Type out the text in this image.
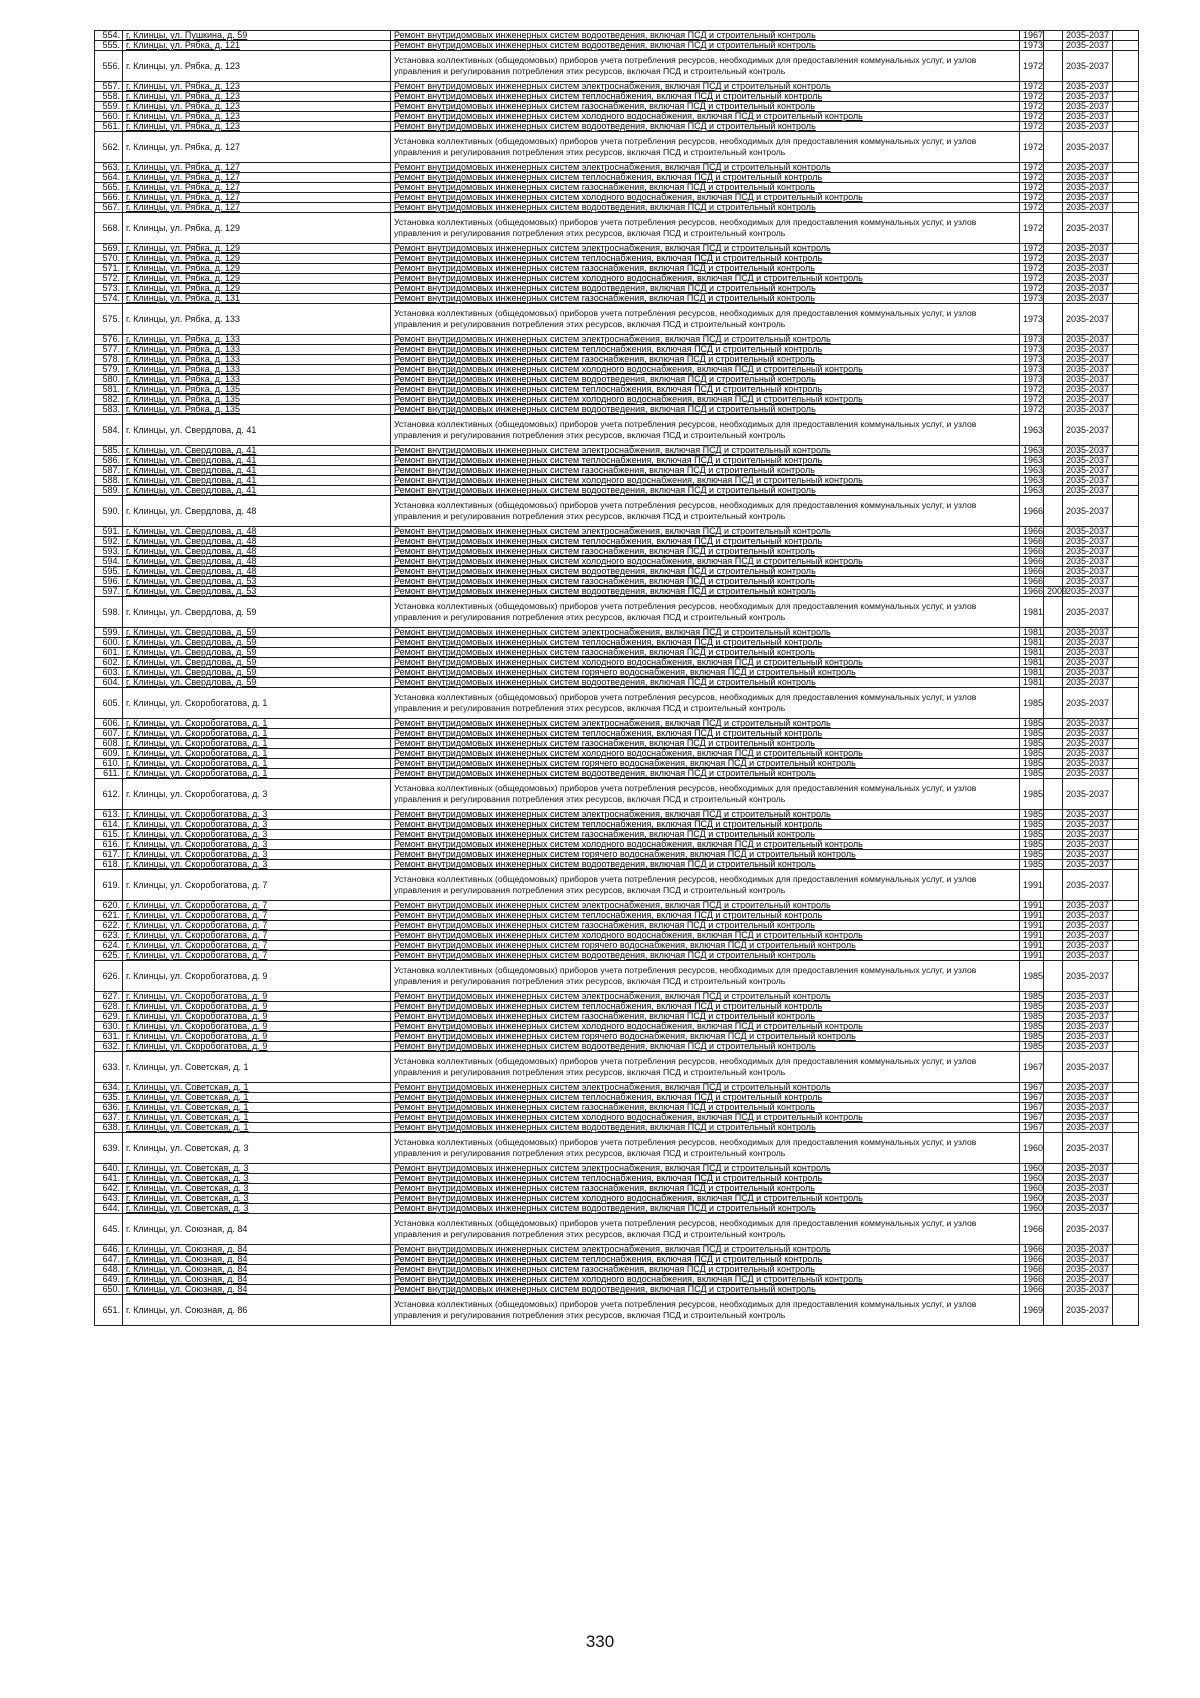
554.	г. Клинцы, ул. Пушкина, д. 59	Ремонт внутридомовых инженерных систем водоотведения, включая ПСД и строительный контроль	1967		2035-2037	
555.	г. Клинцы, ул. Рябка, д. 121	Ремонт внутридомовых инженерных систем водоотведения, включая ПСД и строительный контроль	1973		2035-2037	
556.	г. Клинцы, ул. Рябка, д. 123	Установка коллективных (общедомовых) приборов учета потребления ресурсов, необходимых для предоставления коммунальных услуг, и узлов управления и регулирования потребления этих ресурсов, включая ПСД и строительный контроль	1972		2035-2037	
557.	г. Клинцы, ул. Рябка, д. 123	Ремонт внутридомовых инженерных систем электроснабжения, включая ПСД и строительный контроль	1972		2035-2037	
558.	г. Клинцы, ул. Рябка, д. 123	Ремонт внутридомовых инженерных систем теплоснабжения, включая ПСД и строительный контроль	1972		2035-2037	
559.	г. Клинцы, ул. Рябка, д. 123	Ремонт внутридомовых инженерных систем газоснабжения, включая ПСД и строительный контроль	1972		2035-2037	
560.	г. Клинцы, ул. Рябка, д. 123	Ремонт внутридомовых инженерных систем холодного водоснабжения, включая ПСД и строительный контроль	1972		2035-2037	
561.	г. Клинцы, ул. Рябка, д. 123	Ремонт внутридомовых инженерных систем водоотведения, включая ПСД и строительный контроль	1972		2035-2037	
562.	г. Клинцы, ул. Рябка, д. 127	Установка коллективных (общедомовых) приборов учета потребления ресурсов, необходимых для предоставления коммунальных услуг, и узлов управления и регулирования потребления этих ресурсов, включая ПСД и строительный контроль	1972		2035-2037	
563.	г. Клинцы, ул. Рябка, д. 127	Ремонт внутридомовых инженерных систем электроснабжения, включая ПСД и строительный контроль	1972		2035-2037	
564.	г. Клинцы, ул. Рябка, д. 127	Ремонт внутридомовых инженерных систем теплоснабжения, включая ПСД и строительный контроль	1972		2035-2037	
565.	г. Клинцы, ул. Рябка, д. 127	Ремонт внутридомовых инженерных систем газоснабжения, включая ПСД и строительный контроль	1972		2035-2037	
566.	г. Клинцы, ул. Рябка, д. 127	Ремонт внутридомовых инженерных систем холодного водоснабжения, включая ПСД и строительный контроль	1972		2035-2037	
567.	г. Клинцы, ул. Рябка, д. 127	Ремонт внутридомовых инженерных систем водоотведения, включая ПСД и строительный контроль	1972		2035-2037	
568.	г. Клинцы, ул. Рябка, д. 129	Установка коллективных (общедомовых) приборов учета потребления ресурсов, необходимых для предоставления коммунальных услуг, и узлов управления и регулирования потребления этих ресурсов, включая ПСД и строительный контроль	1972		2035-2037	
569.	г. Клинцы, ул. Рябка, д. 129	Ремонт внутридомовых инженерных систем электроснабжения, включая ПСД и строительный контроль	1972		2035-2037	
570.	г. Клинцы, ул. Рябка, д. 129	Ремонт внутридомовых инженерных систем теплоснабжения, включая ПСД и строительный контроль	1972		2035-2037	
571.	г. Клинцы, ул. Рябка, д. 129	Ремонт внутридомовых инженерных систем газоснабжения, включая ПСД и строительный контроль	1972		2035-2037	
572.	г. Клинцы, ул. Рябка, д. 129	Ремонт внутридомовых инженерных систем холодного водоснабжения, включая ПСД и строительный контроль	1972		2035-2037	
573.	г. Клинцы, ул. Рябка, д. 129	Ремонт внутридомовых инженерных систем водоотведения, включая ПСД и строительный контроль	1972		2035-2037	
574.	г. Клинцы, ул. Рябка, д. 131	Ремонт внутридомовых инженерных систем газоснабжения, включая ПСД и строительный контроль	1973		2035-2037	
575.	г. Клинцы, ул. Рябка, д. 133	Установка коллективных (общедомовых) приборов учета потребления ресурсов, необходимых для предоставления коммунальных услуг, и узлов управления и регулирования потребления этих ресурсов, включая ПСД и строительный контроль	1973		2035-2037	
576.	г. Клинцы, ул. Рябка, д. 133	Ремонт внутридомовых инженерных систем электроснабжения, включая ПСД и строительный контроль	1973		2035-2037	
577.	г. Клинцы, ул. Рябка, д. 133	Ремонт внутридомовых инженерных систем теплоснабжения, включая ПСД и строительный контроль	1973		2035-2037	
578.	г. Клинцы, ул. Рябка, д. 133	Ремонт внутридомовых инженерных систем газоснабжения, включая ПСД и строительный контроль	1973		2035-2037	
579.	г. Клинцы, ул. Рябка, д. 133	Ремонт внутридомовых инженерных систем холодного водоснабжения, включая ПСД и строительный контроль	1973		2035-2037	
580.	г. Клинцы, ул. Рябка, д. 133	Ремонт внутридомовых инженерных систем водоотведения, включая ПСД и строительный контроль	1973		2035-2037	
581.	г. Клинцы, ул. Рябка, д. 135	Ремонт внутридомовых инженерных систем теплоснабжения, включая ПСД и строительный контроль	1972		2035-2037	
582.	г. Клинцы, ул. Рябка, д. 135	Ремонт внутридомовых инженерных систем холодного водоснабжения, включая ПСД и строительный контроль	1972		2035-2037	
583.	г. Клинцы, ул. Рябка, д. 135	Ремонт внутридомовых инженерных систем водоотведения, включая ПСД и строительный контроль	1972		2035-2037	
584.	г. Клинцы, ул. Свердлова, д. 41	Установка коллективных (общедомовых) приборов учета потребления ресурсов, необходимых для предоставления коммунальных услуг, и узлов управления и регулирования потребления этих ресурсов, включая ПСД и строительный контроль	1963		2035-2037	
585.	г. Клинцы, ул. Свердлова, д. 41	Ремонт внутридомовых инженерных систем электроснабжения, включая ПСД и строительный контроль	1963		2035-2037	
586.	г. Клинцы, ул. Свердлова, д. 41	Ремонт внутридомовых инженерных систем теплоснабжения, включая ПСД и строительный контроль	1963		2035-2037	
587.	г. Клинцы, ул. Свердлова, д. 41	Ремонт внутридомовых инженерных систем газоснабжения, включая ПСД и строительный контроль	1963		2035-2037	
588.	г. Клинцы, ул. Свердлова, д. 41	Ремонт внутридомовых инженерных систем холодного водоснабжения, включая ПСД и строительный контроль	1963		2035-2037	
589.	г. Клинцы, ул. Свердлова, д. 41	Ремонт внутридомовых инженерных систем водоотведения, включая ПСД и строительный контроль	1963		2035-2037	
590.	г. Клинцы, ул. Свердлова, д. 48	Установка коллективных (общедомовых) приборов учета потребления ресурсов, необходимых для предоставления коммунальных услуг, и узлов управления и регулирования потребления этих ресурсов, включая ПСД и строительный контроль	1966		2035-2037	
591.	г. Клинцы, ул. Свердлова, д. 48	Ремонт внутридомовых инженерных систем электроснабжения, включая ПСД и строительный контроль	1966		2035-2037	
592.	г. Клинцы, ул. Свердлова, д. 48	Ремонт внутридомовых инженерных систем теплоснабжения, включая ПСД и строительный контроль	1966		2035-2037	
593.	г. Клинцы, ул. Свердлова, д. 48	Ремонт внутридомовых инженерных систем газоснабжения, включая ПСД и строительный контроль	1966		2035-2037	
594.	г. Клинцы, ул. Свердлова, д. 48	Ремонт внутридомовых инженерных систем холодного водоснабжения, включая ПСД и строительный контроль	1966		2035-2037	
595.	г. Клинцы, ул. Свердлова, д. 48	Ремонт внутридомовых инженерных систем водоотведения, включая ПСД и строительный контроль	1966		2035-2037	
596.	г. Клинцы, ул. Свердлова, д. 53	Ремонт внутридомовых инженерных систем газоснабжения, включая ПСД и строительный контроль	1966		2035-2037	
597.	г. Клинцы, ул. Свердлова, д. 53	Ремонт внутридомовых инженерных систем водоотведения, включая ПСД и строительный контроль	1966	2009	2035-2037	
598.	г. Клинцы, ул. Свердлова, д. 59	Установка коллективных (общедомовых) приборов учета потребления ресурсов, необходимых для предоставления коммунальных услуг, и узлов управления и регулирования потребления этих ресурсов, включая ПСД и строительный контроль	1981		2035-2037	
599.	г. Клинцы, ул. Свердлова, д. 59	Ремонт внутридомовых инженерных систем электроснабжения, включая ПСД и строительный контроль	1981		2035-2037	
600.	г. Клинцы, ул. Свердлова, д. 59	Ремонт внутридомовых инженерных систем теплоснабжения, включая ПСД и строительный контроль	1981		2035-2037	
601.	г. Клинцы, ул. Свердлова, д. 59	Ремонт внутридомовых инженерных систем газоснабжения, включая ПСД и строительный контроль	1981		2035-2037	
602.	г. Клинцы, ул. Свердлова, д. 59	Ремонт внутридомовых инженерных систем холодного водоснабжения, включая ПСД и строительный контроль	1981		2035-2037	
603.	г. Клинцы, ул. Свердлова, д. 59	Ремонт внутридомовых инженерных систем горячего водоснабжения, включая ПСД и строительный контроль	1981		2035-2037	
604.	г. Клинцы, ул. Свердлова, д. 59	Ремонт внутридомовых инженерных систем водоотведения, включая ПСД и строительный контроль	1981		2035-2037	
605.	г. Клинцы, ул. Скоробогатова, д. 1	Установка коллективных (общедомовых) приборов учета потребления ресурсов, необходимых для предоставления коммунальных услуг, и узлов управления и регулирования потребления этих ресурсов, включая ПСД и строительный контроль	1985		2035-2037	
606.	г. Клинцы, ул. Скоробогатова, д. 1	Ремонт внутридомовых инженерных систем электроснабжения, включая ПСД и строительный контроль	1985		2035-2037	
607.	г. Клинцы, ул. Скоробогатова, д. 1	Ремонт внутридомовых инженерных систем теплоснабжения, включая ПСД и строительный контроль	1985		2035-2037	
608.	г. Клинцы, ул. Скоробогатова, д. 1	Ремонт внутридомовых инженерных систем газоснабжения, включая ПСД и строительный контроль	1985		2035-2037	
609.	г. Клинцы, ул. Скоробогатова, д. 1	Ремонт внутридомовых инженерных систем холодного водоснабжения, включая ПСД и строительный контроль	1985		2035-2037	
610.	г. Клинцы, ул. Скоробогатова, д. 1	Ремонт внутридомовых инженерных систем горячего водоснабжения, включая ПСД и строительный контроль	1985		2035-2037	
611.	г. Клинцы, ул. Скоробогатова, д. 1	Ремонт внутридомовых инженерных систем водоотведения, включая ПСД и строительный контроль	1985		2035-2037	
612.	г. Клинцы, ул. Скоробогатова, д. 3	Установка коллективных (общедомовых) приборов учета потребления ресурсов, необходимых для предоставления коммунальных услуг, и узлов управления и регулирования потребления этих ресурсов, включая ПСД и строительный контроль	1985		2035-2037	
613.	г. Клинцы, ул. Скоробогатова, д. 3	Ремонт внутридомовых инженерных систем электроснабжения, включая ПСД и строительный контроль	1985		2035-2037	
614.	г. Клинцы, ул. Скоробогатова, д. 3	Ремонт внутридомовых инженерных систем теплоснабжения, включая ПСД и строительный контроль	1985		2035-2037	
615.	г. Клинцы, ул. Скоробогатова, д. 3	Ремонт внутридомовых инженерных систем газоснабжения, включая ПСД и строительный контроль	1985		2035-2037	
616.	г. Клинцы, ул. Скоробогатова, д. 3	Ремонт внутридомовых инженерных систем холодного водоснабжения, включая ПСД и строительный контроль	1985		2035-2037	
617.	г. Клинцы, ул. Скоробогатова, д. 3	Ремонт внутридомовых инженерных систем горячего водоснабжения, включая ПСД и строительный контроль	1985		2035-2037	
618.	г. Клинцы, ул. Скоробогатова, д. 3	Ремонт внутридомовых инженерных систем водоотведения, включая ПСД и строительный контроль	1985		2035-2037	
619.	г. Клинцы, ул. Скоробогатова, д. 7	Установка коллективных (общедомовых) приборов учета потребления ресурсов, необходимых для предоставления коммунальных услуг, и узлов управления и регулирования потребления этих ресурсов, включая ПСД и строительный контроль	1991		2035-2037	
620.	г. Клинцы, ул. Скоробогатова, д. 7	Ремонт внутридомовых инженерных систем электроснабжения, включая ПСД и строительный контроль	1991		2035-2037	
621.	г. Клинцы, ул. Скоробогатова, д. 7	Ремонт внутридомовых инженерных систем теплоснабжения, включая ПСД и строительный контроль	1991		2035-2037	
622.	г. Клинцы, ул. Скоробогатова, д. 7	Ремонт внутридомовых инженерных систем газоснабжения, включая ПСД и строительный контроль	1991		2035-2037	
623.	г. Клинцы, ул. Скоробогатова, д. 7	Ремонт внутридомовых инженерных систем холодного водоснабжения, включая ПСД и строительный контроль	1991		2035-2037	
624.	г. Клинцы, ул. Скоробогатова, д. 7	Ремонт внутридомовых инженерных систем горячего водоснабжения, включая ПСД и строительный контроль	1991		2035-2037	
625.	г. Клинцы, ул. Скоробогатова, д. 7	Ремонт внутридомовых инженерных систем водоотведения, включая ПСД и строительный контроль	1991		2035-2037	
626.	г. Клинцы, ул. Скоробогатова, д. 9	Установка коллективных (общедомовых) приборов учета потребления ресурсов, необходимых для предоставления коммунальных услуг, и узлов управления и регулирования потребления этих ресурсов, включая ПСД и строительный контроль	1985		2035-2037	
627.	г. Клинцы, ул. Скоробогатова, д. 9	Ремонт внутридомовых инженерных систем электроснабжения, включая ПСД и строительный контроль	1985		2035-2037	
628.	г. Клинцы, ул. Скоробогатова, д. 9	Ремонт внутридомовых инженерных систем теплоснабжения, включая ПСД и строительный контроль	1985		2035-2037	
629.	г. Клинцы, ул. Скоробогатова, д. 9	Ремонт внутридомовых инженерных систем газоснабжения, включая ПСД и строительный контроль	1985		2035-2037	
630.	г. Клинцы, ул. Скоробогатова, д. 9	Ремонт внутридомовых инженерных систем холодного водоснабжения, включая ПСД и строительный контроль	1985		2035-2037	
631.	г. Клинцы, ул. Скоробогатова, д. 9	Ремонт внутридомовых инженерных систем горячего водоснабжения, включая ПСД и строительный контроль	1985		2035-2037	
632.	г. Клинцы, ул. Скоробогатова, д. 9	Ремонт внутридомовых инженерных систем водоотведения, включая ПСД и строительный контроль	1985		2035-2037	
633.	г. Клинцы, ул. Советская, д. 1	Установка коллективных (общедомовых) приборов учета потребления ресурсов, необходимых для предоставления коммунальных услуг, и узлов управления и регулирования потребления этих ресурсов, включая ПСД и строительный контроль	1967		2035-2037	
634.	г. Клинцы, ул. Советская, д. 1	Ремонт внутридомовых инженерных систем электроснабжения, включая ПСД и строительный контроль	1967		2035-2037	
635.	г. Клинцы, ул. Советская, д. 1	Ремонт внутридомовых инженерных систем теплоснабжения, включая ПСД и строительный контроль	1967		2035-2037	
636.	г. Клинцы, ул. Советская, д. 1	Ремонт внутридомовых инженерных систем газоснабжения, включая ПСД и строительный контроль	1967		2035-2037	
637.	г. Клинцы, ул. Советская, д. 1	Ремонт внутридомовых инженерных систем холодного водоснабжения, включая ПСД и строительный контроль	1967		2035-2037	
638.	г. Клинцы, ул. Советская, д. 1	Ремонт внутридомовых инженерных систем водоотведения, включая ПСД и строительный контроль	1967		2035-2037	
639.	г. Клинцы, ул. Советская, д. 3	Установка коллективных (общедомовых) приборов учета потребления ресурсов, необходимых для предоставления коммунальных услуг, и узлов управления и регулирования потребления этих ресурсов, включая ПСД и строительный контроль	1960		2035-2037	
640.	г. Клинцы, ул. Советская, д. 3	Ремонт внутридомовых инженерных систем электроснабжения, включая ПСД и строительный контроль	1960		2035-2037	
641.	г. Клинцы, ул. Советская, д. 3	Ремонт внутридомовых инженерных систем теплоснабжения, включая ПСД и строительный контроль	1960		2035-2037	
642.	г. Клинцы, ул. Советская, д. 3	Ремонт внутридомовых инженерных систем газоснабжения, включая ПСД и строительный контроль	1960		2035-2037	
643.	г. Клинцы, ул. Советская, д. 3	Ремонт внутридомовых инженерных систем холодного водоснабжения, включая ПСД и строительный контроль	1960		2035-2037	
644.	г. Клинцы, ул. Советская, д. 3	Ремонт внутридомовых инженерных систем водоотведения, включая ПСД и строительный контроль	1960		2035-2037	
645.	г. Клинцы, ул. Союзная, д. 84	Установка коллективных (общедомовых) приборов учета потребления ресурсов, необходимых для предоставления коммунальных услуг, и узлов управления и регулирования потребления этих ресурсов, включая ПСД и строительный контроль	1966		2035-2037	
646.	г. Клинцы, ул. Союзная, д. 84	Ремонт внутридомовых инженерных систем электроснабжения, включая ПСД и строительный контроль	1966		2035-2037	
647.	г. Клинцы, ул. Союзная, д. 84	Ремонт внутридомовых инженерных систем теплоснабжения, включая ПСД и строительный контроль	1966		2035-2037	
648.	г. Клинцы, ул. Союзная, д. 84	Ремонт внутридомовых инженерных систем газоснабжения, включая ПСД и строительный контроль	1966		2035-2037	
649.	г. Клинцы, ул. Союзная, д. 84	Ремонт внутридомовых инженерных систем холодного водоснабжения, включая ПСД и строительный контроль	1966		2035-2037	
650.	г. Клинцы, ул. Союзная, д. 84	Ремонт внутридомовых инженерных систем водоотведения, включая ПСД и строительный контроль	1966		2035-2037	
651.	г. Клинцы, ул. Союзная, д. 86	Установка коллективных (общедомовых) приборов учета потребления ресурсов, необходимых для предоставления коммунальных услуг, и узлов управления и регулирования потребления этих ресурсов, включая ПСД и строительный контроль	1969		2035-2037	
330
